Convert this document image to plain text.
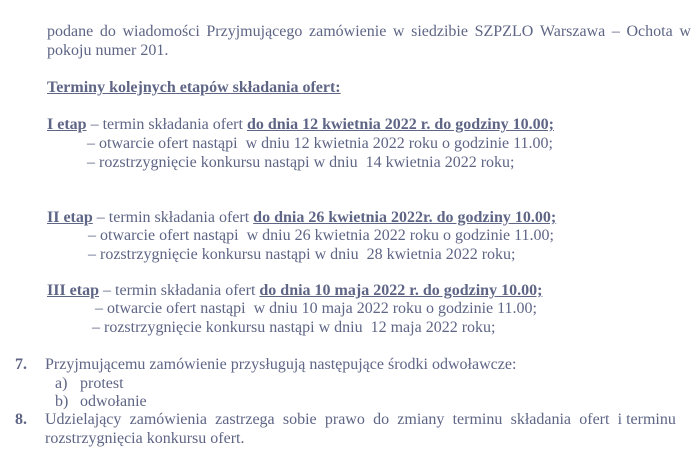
podane do wiadomości Przyjmującego zamówienie w siedzibie SZPZLO Warszawa – Ochota w
pokoju numer 201.
Terminy kolejnych etapów składania ofert:
I etap – termin składania ofert do dnia 12 kwietnia 2022 r. do godziny 10.00;
– otwarcie ofert nastąpi  w dniu 12 kwietnia 2022 roku o godzinie 11.00;
– rozstrzygnięcie konkursu nastąpi w dniu  14 kwietnia 2022 roku;
II etap – termin składania ofert do dnia 26 kwietnia 2022r. do godziny 10.00;
– otwarcie ofert nastąpi  w dniu 26 kwietnia 2022 roku o godzinie 11.00;
– rozstrzygnięcie konkursu nastąpi w dniu  28 kwietnia 2022 roku;
III etap – termin składania ofert do dnia 10 maja 2022 r. do godziny 10.00;
– otwarcie ofert nastąpi  w dniu 10 maja 2022 roku o godzinie 11.00;
– rozstrzygnięcie konkursu nastąpi w dniu  12 maja 2022 roku;
7. Przyjmującemu zamówienie przysługują następujące środki odwoławcze:
a) protest
b) odwołanie
8. Udzielający zamówienia zastrzega sobie prawo do zmiany terminu składania ofert i terminu
rozstrzygnięcia konkursu ofert.
